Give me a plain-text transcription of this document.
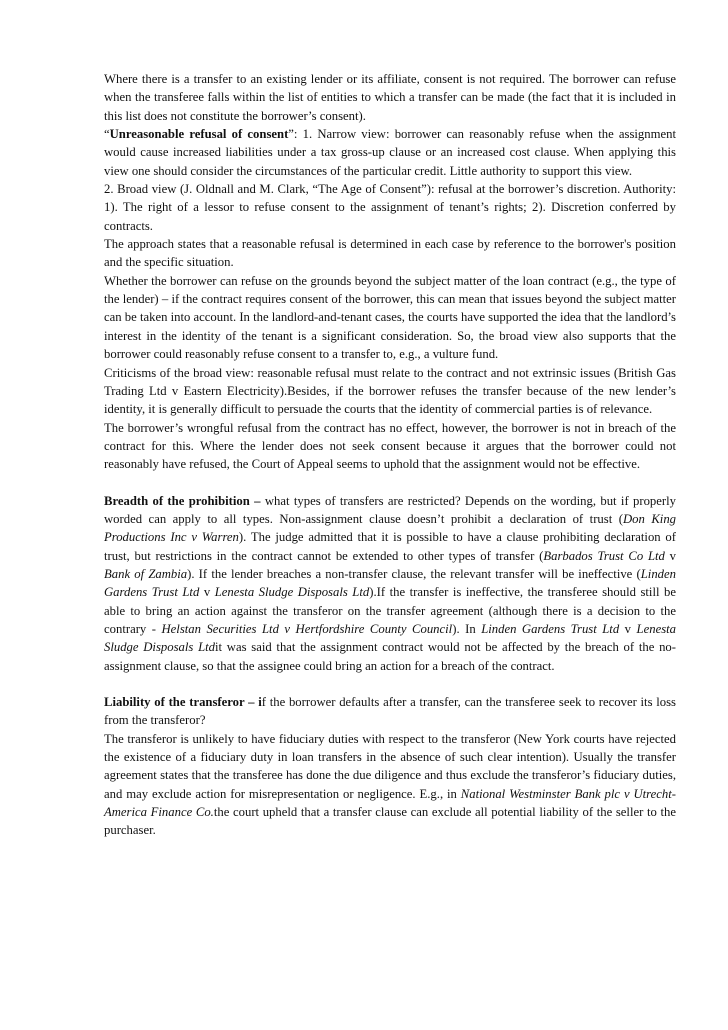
Where there is a transfer to an existing lender or its affiliate, consent is not required. The borrower can refuse when the transferee falls within the list of entities to which a transfer can be made (the fact that it is included in this list does not constitute the borrower’s consent).

“Unreasonable refusal of consent”: 1. Narrow view: borrower can reasonably refuse when the assignment would cause increased liabilities under a tax gross-up clause or an increased cost clause. When applying this view one should consider the circumstances of the particular credit. Little authority to support this view.

2. Broad view (J. Oldnall and M. Clark, “The Age of Consent”): refusal at the borrower’s discretion. Authority: 1). The right of a lessor to refuse consent to the assignment of tenant’s rights; 2). Discretion conferred by contracts.

The approach states that a reasonable refusal is determined in each case by reference to the borrower's position and the specific situation.

Whether the borrower can refuse on the grounds beyond the subject matter of the loan contract (e.g., the type of the lender) – if the contract requires consent of the borrower, this can mean that issues beyond the subject matter can be taken into account. In the landlord-and-tenant cases, the courts have supported the idea that the landlord’s interest in the identity of the tenant is a significant consideration. So, the broad view also supports that the borrower could reasonably refuse consent to a transfer to, e.g., a vulture fund.

Criticisms of the broad view: reasonable refusal must relate to the contract and not extrinsic issues (British Gas Trading Ltd v Eastern Electricity).Besides, if the borrower refuses the transfer because of the new lender’s identity, it is generally difficult to persuade the courts that the identity of commercial parties is of relevance.

The borrower’s wrongful refusal from the contract has no effect, however, the borrower is not in breach of the contract for this. Where the lender does not seek consent because it argues that the borrower could not reasonably have refused, the Court of Appeal seems to uphold that the assignment would not be effective.

Breadth of the prohibition – what types of transfers are restricted? Depends on the wording, but if properly worded can apply to all types. Non-assignment clause doesn’t prohibit a declaration of trust (Don King Productions Inc v Warren). The judge admitted that it is possible to have a clause prohibiting declaration of trust, but restrictions in the contract cannot be extended to other types of transfer (Barbados Trust Co Ltd v Bank of Zambia). If the lender breaches a non-transfer clause, the relevant transfer will be ineffective (Linden Gardens Trust Ltd v Lenesta Sludge Disposals Ltd).If the transfer is ineffective, the transferee should still be able to bring an action against the transferor on the transfer agreement (although there is a decision to the contrary - Helstan Securities Ltd v Hertfordshire County Council). In Linden Gardens Trust Ltd v Lenesta Sludge Disposals Ltdit was said that the assignment contract would not be affected by the breach of the no-assignment clause, so that the assignee could bring an action for a breach of the contract.

Liability of the transferor – if the borrower defaults after a transfer, can the transferee seek to recover its loss from the transferor?

The transferor is unlikely to have fiduciary duties with respect to the transferor (New York courts have rejected the existence of a fiduciary duty in loan transfers in the absence of such clear intention). Usually the transfer agreement states that the transferee has done the due diligence and thus exclude the transferor’s fiduciary duties, and may exclude action for misrepresentation or negligence. E.g., in National Westminster Bank plc v Utrecht-America Finance Co.the court upheld that a transfer clause can exclude all potential liability of the seller to the purchaser.
